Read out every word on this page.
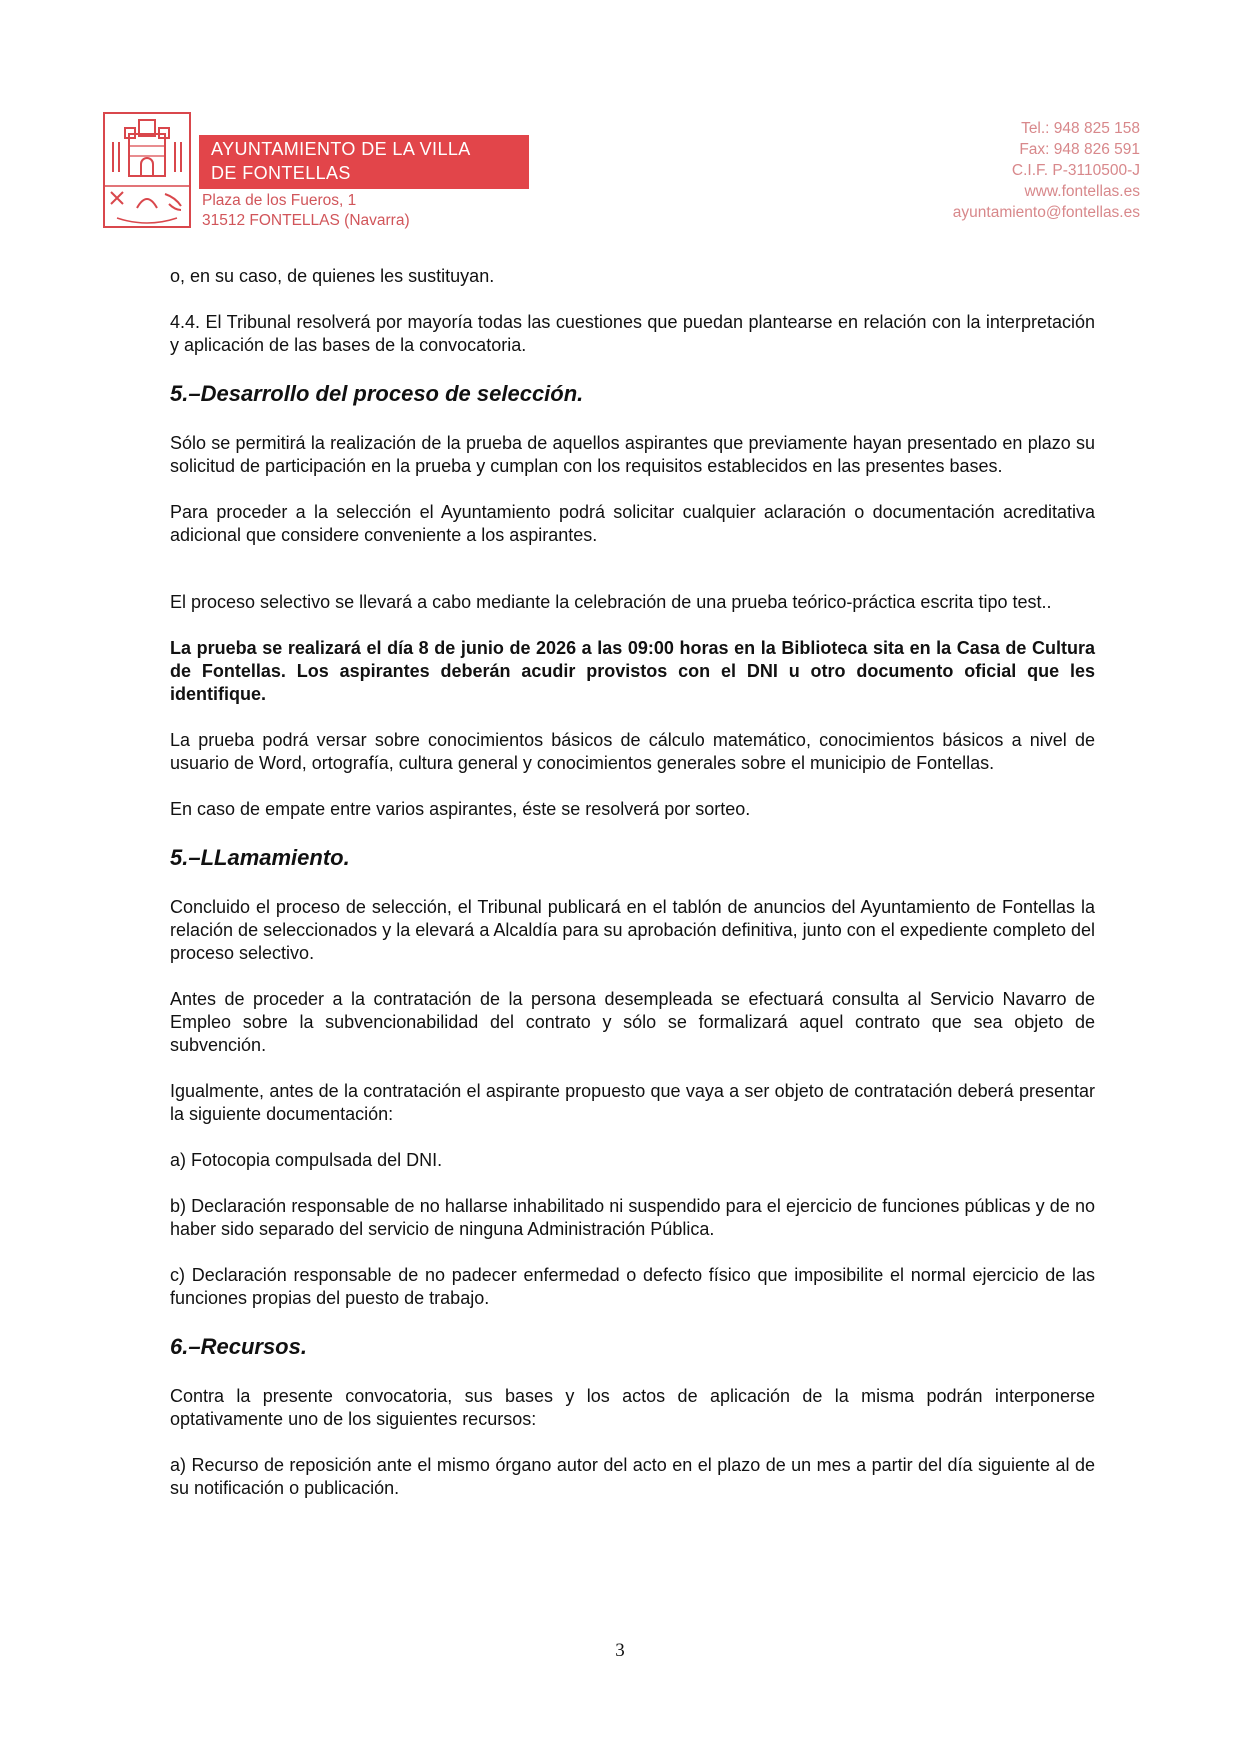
AYUNTAMIENTO DE LA VILLA
DE FONTELLAS
Plaza de los Fueros, 1
31512 FONTELLAS (Navarra)
Tel.: 948 825 158
Fax: 948 826 591
C.I.F. P-3110500-J
www.fontellas.es
ayuntamiento@fontellas.es

o, en su caso, de quienes les sustituyan.

4.4. El Tribunal resolverá por mayoría todas las cuestiones que puedan plantearse en relación con la interpretación y aplicación de las bases de la convocatoria.

5.–Desarrollo del proceso de selección.

Sólo se permitirá la realización de la prueba de aquellos aspirantes que previamente hayan presentado en plazo su solicitud de participación en la prueba y cumplan con los requisitos establecidos en las presentes bases.

Para proceder a la selección el Ayuntamiento podrá solicitar cualquier aclaración o documentación acreditativa adicional que considere conveniente a los aspirantes.

El proceso selectivo se llevará a cabo mediante la celebración de una prueba teórico-práctica escrita tipo test..

La prueba se realizará el día 8 de junio de 2026 a las 09:00 horas en la Biblioteca sita en la Casa de Cultura de Fontellas. Los aspirantes deberán acudir provistos con el DNI u otro documento oficial que les identifique.

La prueba podrá versar sobre conocimientos básicos de cálculo matemático, conocimientos básicos a nivel de usuario de Word, ortografía, cultura general y conocimientos generales sobre el municipio de Fontellas.

En caso de empate entre varios aspirantes, éste se resolverá por sorteo.

5.–LLamamiento.

Concluido el proceso de selección, el Tribunal publicará en el tablón de anuncios del Ayuntamiento de Fontellas la relación de seleccionados y la elevará a Alcaldía para su aprobación definitiva, junto con el expediente completo del proceso selectivo.

Antes de proceder a la contratación de la persona desempleada se efectuará consulta al Servicio Navarro de Empleo sobre la subvencionabilidad del contrato y sólo se formalizará aquel contrato que sea objeto de subvención.

Igualmente, antes de la contratación el aspirante propuesto que vaya a ser objeto de contratación deberá presentar la siguiente documentación:

a) Fotocopia compulsada del DNI.

b) Declaración responsable de no hallarse inhabilitado ni suspendido para el ejercicio de funciones públicas y de no haber sido separado del servicio de ninguna Administración Pública.

c) Declaración responsable de no padecer enfermedad o defecto físico que imposibilite el normal ejercicio de las funciones propias del puesto de trabajo.

6.–Recursos.

Contra la presente convocatoria, sus bases y los actos de aplicación de la misma podrán interponerse optativamente uno de los siguientes recursos:

a) Recurso de reposición ante el mismo órgano autor del acto en el plazo de un mes a partir del día siguiente al de su notificación o publicación.

3
